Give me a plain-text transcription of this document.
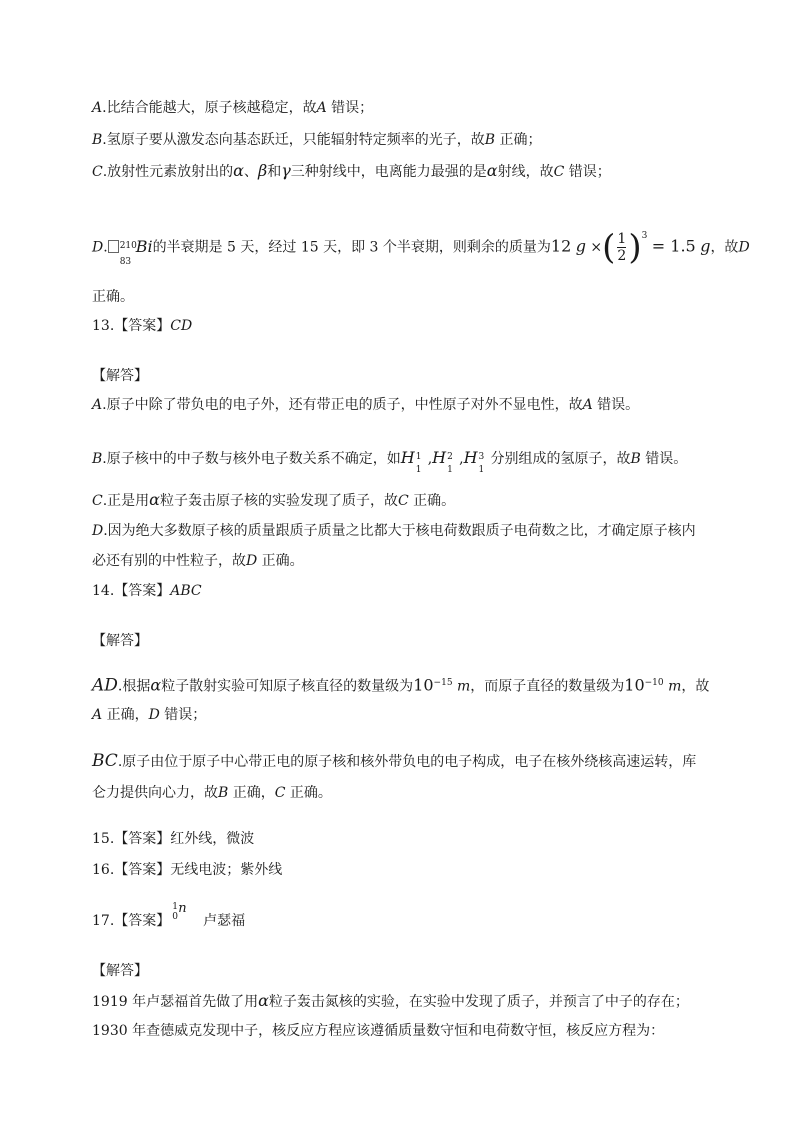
A.比结合能越大，原子核越稳定，故A 错误；
B.氢原子要从激发态向基态跃迁，只能辐射特定频率的光子，故B 正确；
C.放射性元素放射出的α、β和γ三种射线中，电离能力最强的是α射线，故C 错误；
D. 210
83
Bi的半衰期是 5 天，经过 15 天，即 3 个半衰期，则剩余的质量为12 g ×( $\frac{1}{2} )^3 = 1.5$ g，故D
正确。
13.【答案】CD
【解答】
A.原子中除了带负电的电子外，还有带正电的质子，中性原子对外不显电性，故A 错误。
B.原子核中的中子数与核外电子数关系不确定，如H 1
1
,H 2
1
,H 3
1
分别组成的氢原子，故B 错误。
C.正是用α粒子轰击原子核的实验发现了质子，故C 正确。
D.因为绝大多数原子核的质量跟质子质量之比都大于核电荷数跟质子电荷数之比，才确定原子核内
必还有别的中性粒子，故D 正确。
14.【答案】ABC
【解答】
AD.根据α粒子散射实验可知原子核直径的数量级为$10^{-15}$ m，而原子直径的数量级为$10^{-10}$ m，故
A 正确，D 错误；
BC.原子由位于原子中心带正电的原子核和核外带负电的电子构成，电子在核外绕核高速运转，库
仑力提供向心力，故B 正确，C 正确。
15.【答案】红外线，微波
16.【答案】无线电波；紫外线
17.【答案】
1
0
n
卢瑟福
【解答】
1919 年卢瑟福首先做了用α粒子轰击氮核的实验，在实验中发现了质子，并预言了中子的存在；
1930 年查德威克发现中子，核反应方程应该遵循质量数守恒和电荷数守恒，核反应方程为：
